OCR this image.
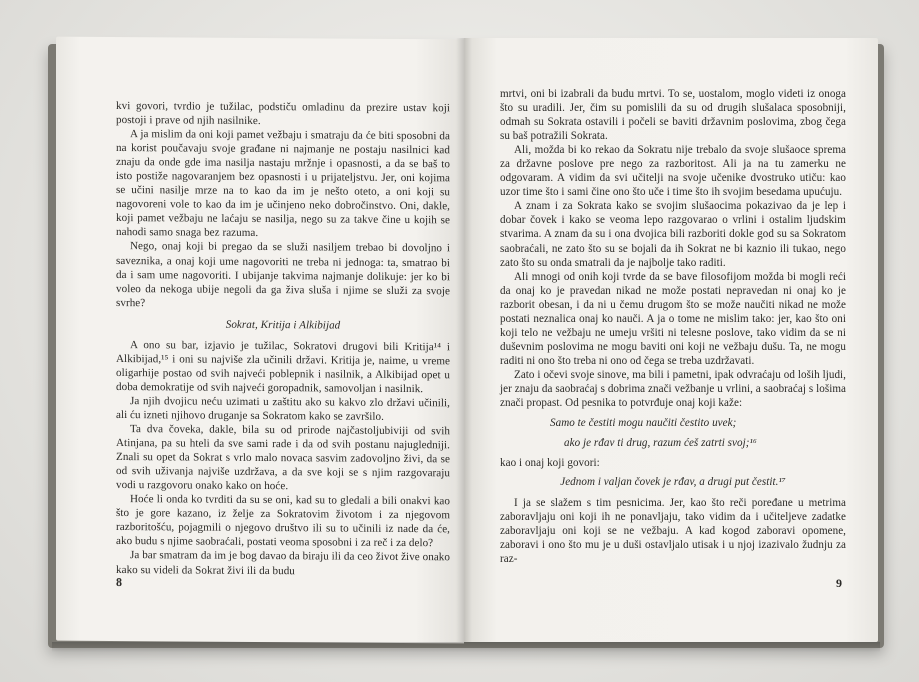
kvi govori, tvrdio je tužilac, podstiču omladinu da prezire ustav koji postoji i prave od njih nasilnike.

A ja mislim da oni koji pamet vežbaju i smatraju da će biti sposobni da na korist poučavaju svoje građane ni najmanje ne postaju nasilnici kad znaju da onde gde ima nasilja nastaju mržnje i opasnosti, a da se baš to isto postiže nagovaranjem bez opasnosti i u prijateljstvu. Jer, oni kojima se učini nasilje mrze na to kao da im je nešto oteto, a oni koji su nagovoreni vole to kao da im je učinjeno neko dobročinstvo. Oni, dakle, koji pamet vežbaju ne laćaju se nasilja, nego su za takve čine u kojih se nahodi samo snaga bez razuma.

Nego, onaj koji bi pregao da se služi nasiljem trebao bi dovoljno i saveznika, a onaj koji ume nagovoriti ne treba ni jednoga: ta, smatrao bi da i sam ume nagovoriti. I ubijanje takvima najmanje dolikuje: jer ko bi voleo da nekoga ubije negoli da ga živa sluša i njime se služi za svoje svrhe?

Sokrat, Kritija i Alkibijad

A ono su bar, izjavio je tužilac, Sokratovi drugovi bili Kritija¹⁴ i Alkibijad,¹⁵ i oni su najviše zla učinili državi. Kritija je, naime, u vreme oligarhije postao od svih najveći poblepnik i nasilnik, a Alkibijad opet u doba demokratije od svih najveći goropadnik, samovoljan i nasilnik.

Ja njih dvojicu neću uzimati u zaštitu ako su kakvo zlo državi učinili, ali ću izneti njihovo druganje sa Sokratom kako se završilo.

Ta dva čoveka, dakle, bila su od prirode najčastoljubiviji od svih Atinjana, pa su hteli da sve sami rade i da od svih postanu najugledniji. Znali su opet da Sokrat s vrlo malo novaca sasvim zadovoljno živi, da se od svih uživanja najviše uzdržava, a da sve koji se s njim razgovaraju vodi u razgovoru onako kako on hoće.

Hoće li onda ko tvrditi da su se oni, kad su to gledali a bili onakvi kao što je gore kazano, iz želje za Sokratovim životom i za njegovom razboritošću, pojagmili o njegovo društvo ili su to učinili iz nade da će, ako budu s njime saobraćali, postati veoma sposobni i za reč i za delo?

Ja bar smatram da im je bog davao da biraju ili da ceo život žive onako kako su videli da Sokrat živi ili da budu

8

mrtvi, oni bi izabrali da budu mrtvi. To se, uostalom, moglo videti iz onoga što su uradili. Jer, čim su pomislili da su od drugih slušalaca sposobniji, odmah su Sokrata ostavili i počeli se baviti državnim poslovima, zbog čega su baš potražili Sokrata.

Ali, možda bi ko rekao da Sokratu nije trebalo da svoje slušaoce sprema za državne poslove pre nego za razboritost. Ali ja na tu zamerku ne odgovaram. A vidim da svi učitelji na svoje učenike dvostruko utiču: kao uzor time što i sami čine ono što uče i time što ih svojim besedama upućuju.

A znam i za Sokrata kako se svojim slušaocima pokazivao da je lep i dobar čovek i kako se veoma lepo razgovarao o vrlini i ostalim ljudskim stvarima. A znam da su i ona dvojica bili razboriti dokle god su sa Sokratom saobraćali, ne zato što su se bojali da ih Sokrat ne bi kaznio ili tukao, nego zato što su onda smatrali da je najbolje tako raditi.

Ali mnogi od onih koji tvrde da se bave filosofijom možda bi mogli reći da onaj ko je pravedan nikad ne može postati nepravedan ni onaj ko je razborit obesan, i da ni u čemu drugom što se može naučiti nikad ne može postati neznalica onaj ko nauči. A ja o tome ne mislim tako: jer, kao što oni koji telo ne vežbaju ne umeju vršiti ni telesne poslove, tako vidim da se ni duševnim poslovima ne mogu baviti oni koji ne vežbaju dušu. Ta, ne mogu raditi ni ono što treba ni ono od čega se treba uzdržavati.

Zato i očevi svoje sinove, ma bili i pametni, ipak odvraćaju od loših ljudi, jer znaju da saobraćaj s dobrima znači vežbanje u vrlini, a saobraćaj s lošima znači propast. Od pesnika to potvrđuje onaj koji kaže:

Samo te čestiti mogu naučiti čestito uvek;

ako je rđav ti drug, razum ćeš zatrti svoj;¹⁶

kao i onaj koji govori:

Jednom i valjan čovek je rđav, a drugi put čestit.¹⁷

I ja se slažem s tim pesnicima. Jer, kao što reči poređane u metrima zaboravljaju oni koji ih ne ponavljaju, tako vidim da i učiteljeve zadatke zaboravljaju oni koji se ne vežbaju. A kad kogod zaboravi opomene, zaboravi i ono što mu je u duši ostavljalo utisak i u njoj izazivalo žudnju za raz-

9
